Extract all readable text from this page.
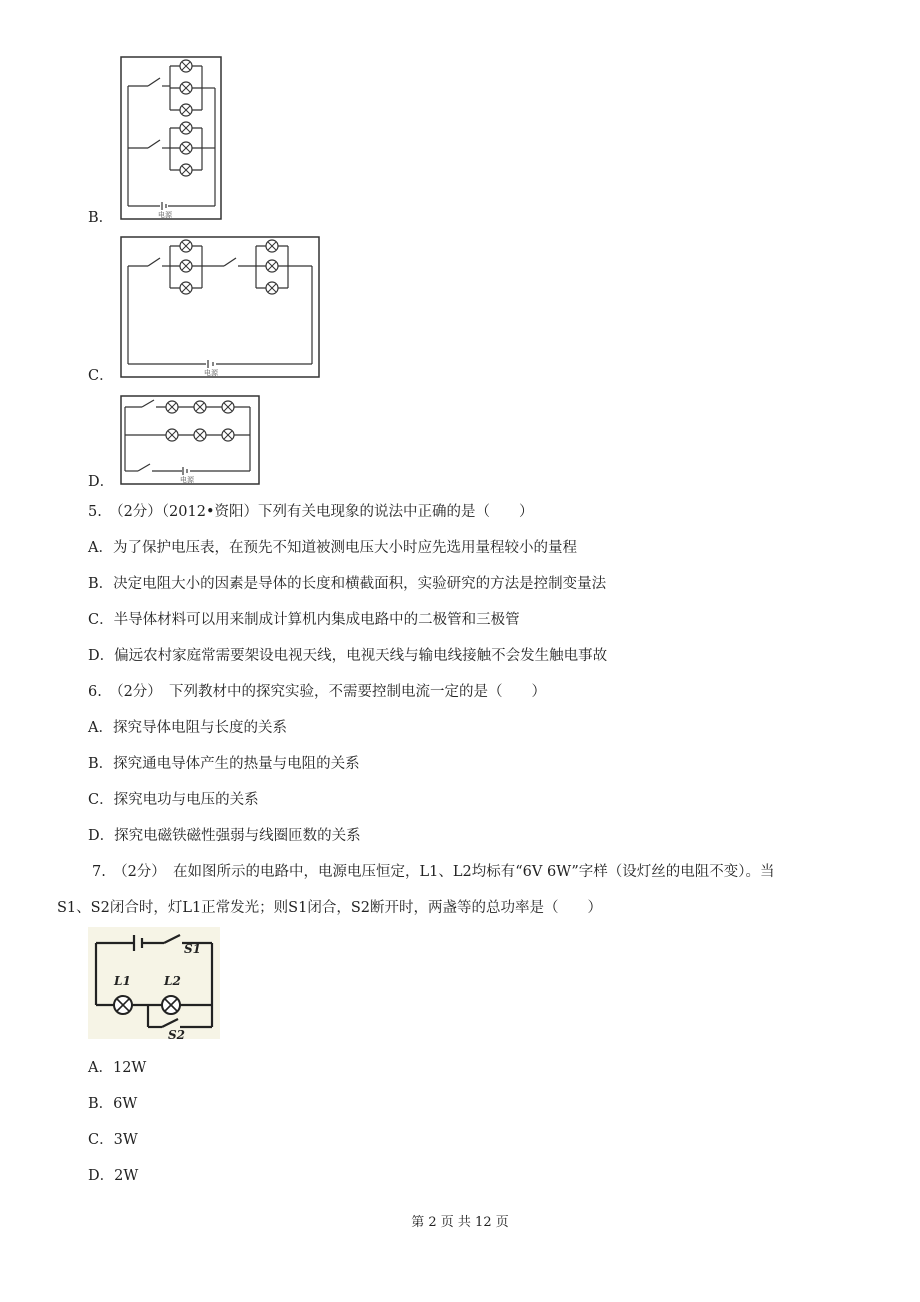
电源
B．
电源
C．
电源
D．
5.　（2分）（2012•资阳）下列有关电现象的说法中正确的是（　　）
A．为了保护电压表，在预先不知道被测电压大小时应先选用量程较小的量程
B．决定电阻大小的因素是导体的长度和横截面积，实验研究的方法是控制变量法
C．半导体材料可以用来制成计算机内集成电路中的二极管和三极管
D．偏远农村家庭常需要架设电视天线，电视天线与输电线接触不会发生触电事故
6.　（2分）　下列教材中的探究实验，不需要控制电流一定的是（　　）
A．探究导体电阻与长度的关系
B．探究通电导体产生的热量与电阻的关系
C．探究电功与电压的关系
D．探究电磁铁磁性强弱与线圈匝数的关系
7.　（2分）　在如图所示的电路中，电源电压恒定，L1、L2均标有“6V 6W”字样（设灯丝的电阻不变）。当
S1、S2闭合时，灯L1正常发光；则S1闭合，S2断开时，两盏等的总功率是（　　）
S1
L1	L2
S2
A．12W
B．6W
C．3W
D．2W
第 2 页 共 12 页
